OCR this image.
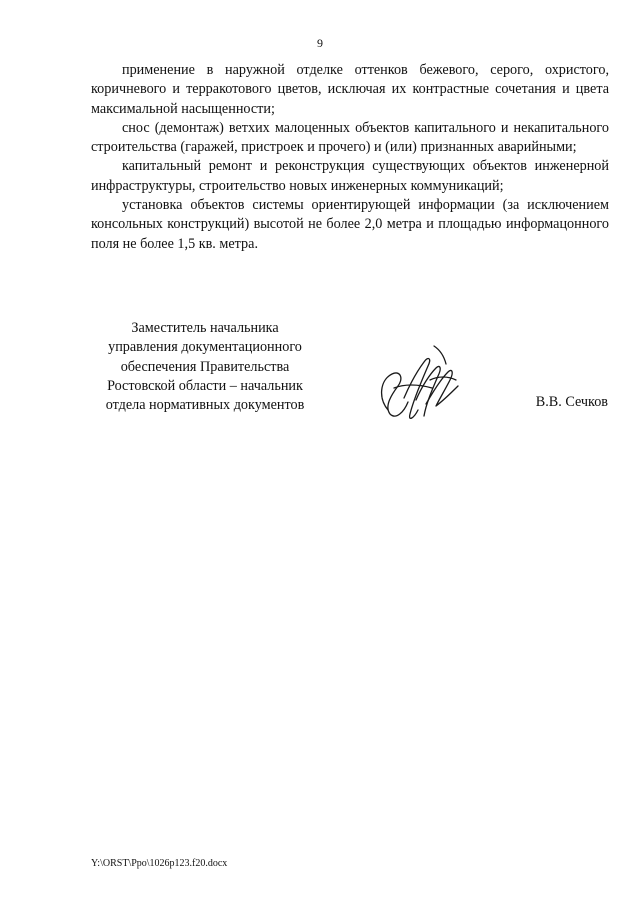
9

применение в наружной отделке оттенков бежевого, серого, охристого, коричневого и терракотового цветов, исключая их контрастные сочетания и цвета максимальной насыщенности;

снос (демонтаж) ветхих малоценных объектов капитального и некапитального строительства (гаражей, пристроек и прочего) и (или) признанных аварийными;

капитальный ремонт и реконструкция существующих объектов инженерной инфраструктуры, строительство новых инженерных коммуникаций;

установка объектов системы ориентирующей информации (за исключением консольных конструкций) высотой не более 2,0 метра и площадью информацонного поля не более 1,5 кв. метра.

Заместитель начальника
управления документационного
обеспечения Правительства
Ростовской области – начальник
отдела нормативных документов	В.В. Сечков
Y:\ORST\Ppo\1026p123.f20.docx
